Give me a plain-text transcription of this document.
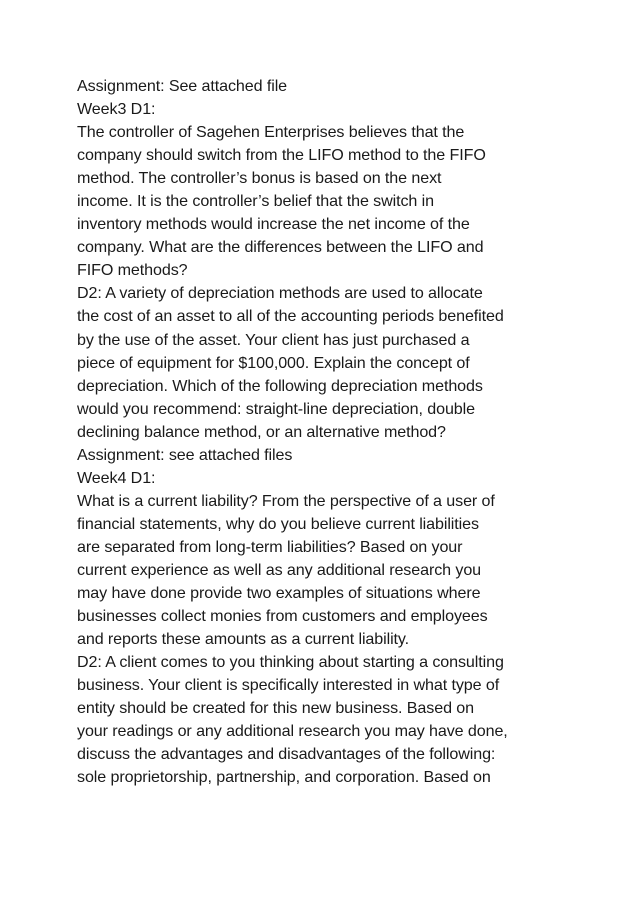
Assignment: See attached file
Week3 D1:
The controller of Sagehen Enterprises believes that the
company should switch from the LIFO method to the FIFO
method. The controller’s bonus is based on the next
income. It is the controller’s belief that the switch in
inventory methods would increase the net income of the
company. What are the differences between the LIFO and
FIFO methods?
D2: A variety of depreciation methods are used to allocate
the cost of an asset to all of the accounting periods benefited
by the use of the asset. Your client has just purchased a
piece of equipment for $100,000. Explain the concept of
depreciation. Which of the following depreciation methods
would you recommend: straight-line depreciation, double
declining balance method, or an alternative method?
Assignment: see attached files
Week4 D1:
What is a current liability? From the perspective of a user of
financial statements, why do you believe current liabilities
are separated from long-term liabilities? Based on your
current experience as well as any additional research you
may have done provide two examples of situations where
businesses collect monies from customers and employees
and reports these amounts as a current liability.
D2: A client comes to you thinking about starting a consulting
business. Your client is specifically interested in what type of
entity should be created for this new business. Based on
your readings or any additional research you may have done,
discuss the advantages and disadvantages of the following:
sole proprietorship, partnership, and corporation. Based on
